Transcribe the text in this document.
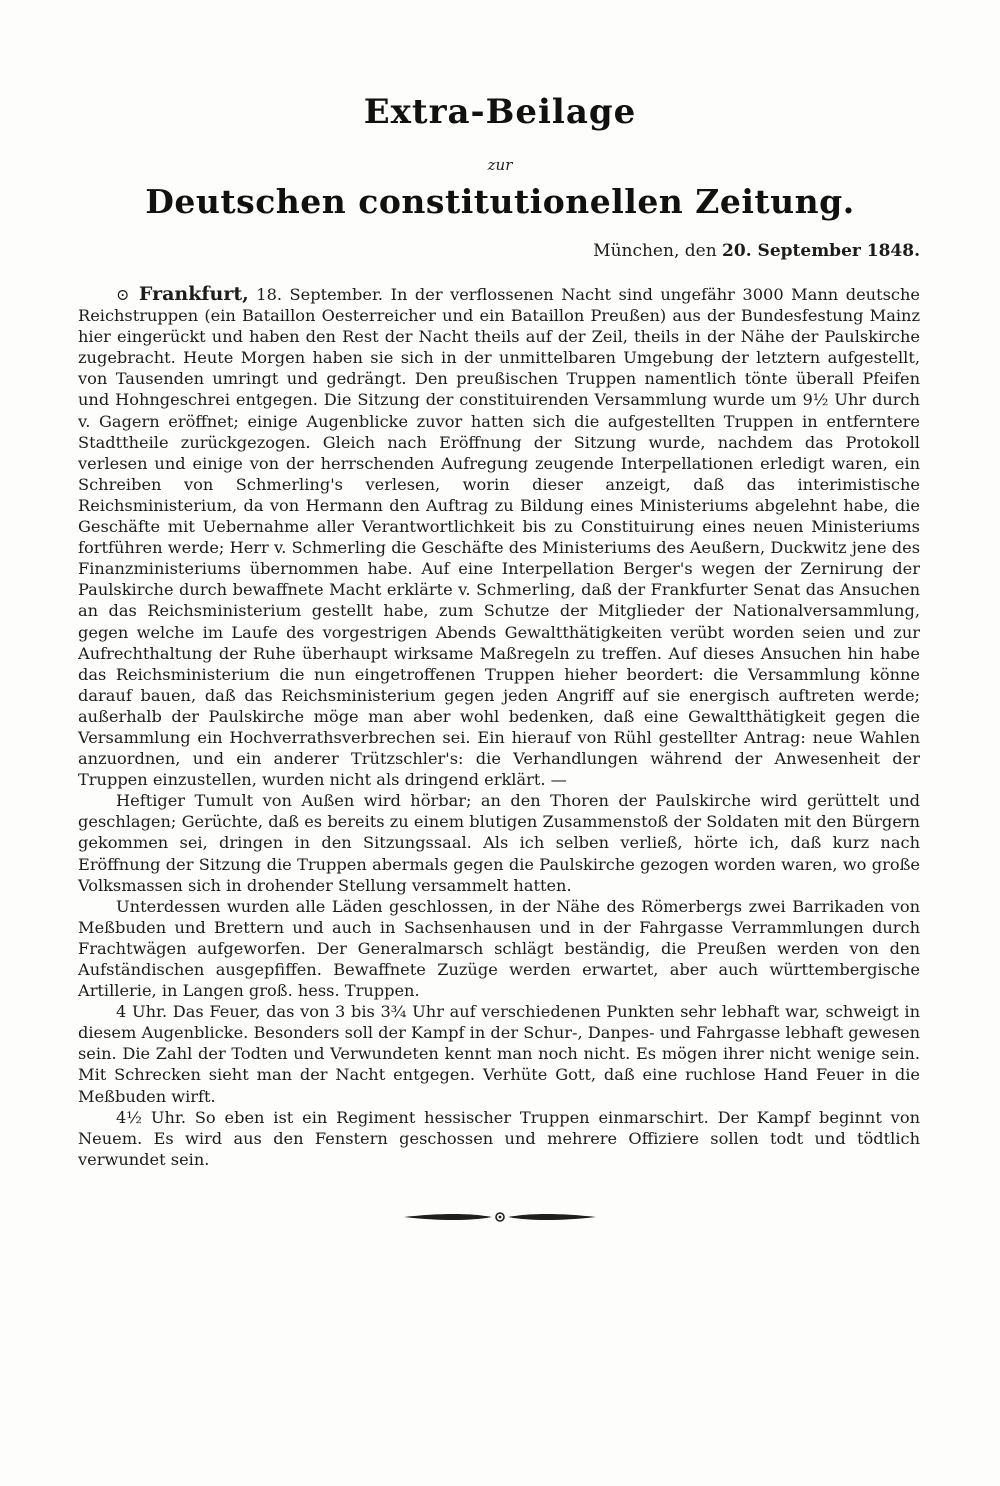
Extra-Beilage
zur
Deutschen constitutionellen Zeitung.
München, den 20. September 1848.

⊙ Frankfurt, 18. September. In der verflossenen Nacht sind ungefähr 3000 Mann deutsche Reichstruppen (ein Bataillon Oesterreicher und ein Bataillon Preußen) aus der Bundesfestung Mainz hier eingerückt und haben den Rest der Nacht theils auf der Zeil, theils in der Nähe der Paulskirche zugebracht. Heute Morgen haben sie sich in der unmittelbaren Umgebung der letztern aufgestellt, von Tausenden umringt und gedrängt. Den preußischen Truppen namentlich tönte überall Pfeifen und Hohngeschrei entgegen. Die Sitzung der constituirenden Versammlung wurde um 9½ Uhr durch v. Gagern eröffnet; einige Augenblicke zuvor hatten sich die aufgestellten Truppen in entferntere Stadttheile zurückgezogen. Gleich nach Eröffnung der Sitzung wurde, nachdem das Protokoll verlesen und einige von der herrschenden Aufregung zeugende Interpellationen erledigt waren, ein Schreiben von Schmerling's verlesen, worin dieser anzeigt, daß das interimistische Reichsministerium, da von Hermann den Auftrag zu Bildung eines Ministeriums abgelehnt habe, die Geschäfte mit Uebernahme aller Verantwortlichkeit bis zu Constituirung eines neuen Ministeriums fortführen werde; Herr v. Schmerling die Geschäfte des Ministeriums des Aeußern, Duckwitz jene des Finanzministeriums übernommen habe. Auf eine Interpellation Berger's wegen der Zernirung der Paulskirche durch bewaffnete Macht erklärte v. Schmerling, daß der Frankfurter Senat das Ansuchen an das Reichsministerium gestellt habe, zum Schutze der Mitglieder der Nationalversammlung, gegen welche im Laufe des vorgestrigen Abends Gewaltthätigkeiten verübt worden seien und zur Aufrechthaltung der Ruhe überhaupt wirksame Maßregeln zu treffen. Auf dieses Ansuchen hin habe das Reichsministerium die nun eingetroffenen Truppen hieher beordert: die Versammlung könne darauf bauen, daß das Reichsministerium gegen jeden Angriff auf sie energisch auftreten werde; außerhalb der Paulskirche möge man aber wohl bedenken, daß eine Gewaltthätigkeit gegen die Versammlung ein Hochverrathsverbrechen sei. Ein hierauf von Rühl gestellter Antrag: neue Wahlen anzuordnen, und ein anderer Trützschler's: die Verhandlungen während der Anwesenheit der Truppen einzustellen, wurden nicht als dringend erklärt. —

Heftiger Tumult von Außen wird hörbar; an den Thoren der Paulskirche wird gerüttelt und geschlagen; Gerüchte, daß es bereits zu einem blutigen Zusammenstoß der Soldaten mit den Bürgern gekommen sei, dringen in den Sitzungssaal. Als ich selben verließ, hörte ich, daß kurz nach Eröffnung der Sitzung die Truppen abermals gegen die Paulskirche gezogen worden waren, wo große Volksmassen sich in drohender Stellung versammelt hatten.

Unterdessen wurden alle Läden geschlossen, in der Nähe des Römerbergs zwei Barrikaden von Meßbuden und Brettern und auch in Sachsenhausen und in der Fahrgasse Verrammlungen durch Frachtwägen aufgeworfen. Der Generalmarsch schlägt beständig, die Preußen werden von den Aufständischen ausgepfiffen. Bewaffnete Zuzüge werden erwartet, aber auch württembergische Artillerie, in Langen groß. hess. Truppen.

4 Uhr. Das Feuer, das von 3 bis 3¾ Uhr auf verschiedenen Punkten sehr lebhaft war, schweigt in diesem Augenblicke. Besonders soll der Kampf in der Schur-, Danpes- und Fahrgasse lebhaft gewesen sein. Die Zahl der Todten und Verwundeten kennt man noch nicht. Es mögen ihrer nicht wenige sein. Mit Schrecken sieht man der Nacht entgegen. Verhüte Gott, daß eine ruchlose Hand Feuer in die Meßbuden wirft.

4½ Uhr. So eben ist ein Regiment hessischer Truppen einmarschirt. Der Kampf beginnt von Neuem. Es wird aus den Fenstern geschossen und mehrere Offiziere sollen todt und tödtlich verwundet sein.
